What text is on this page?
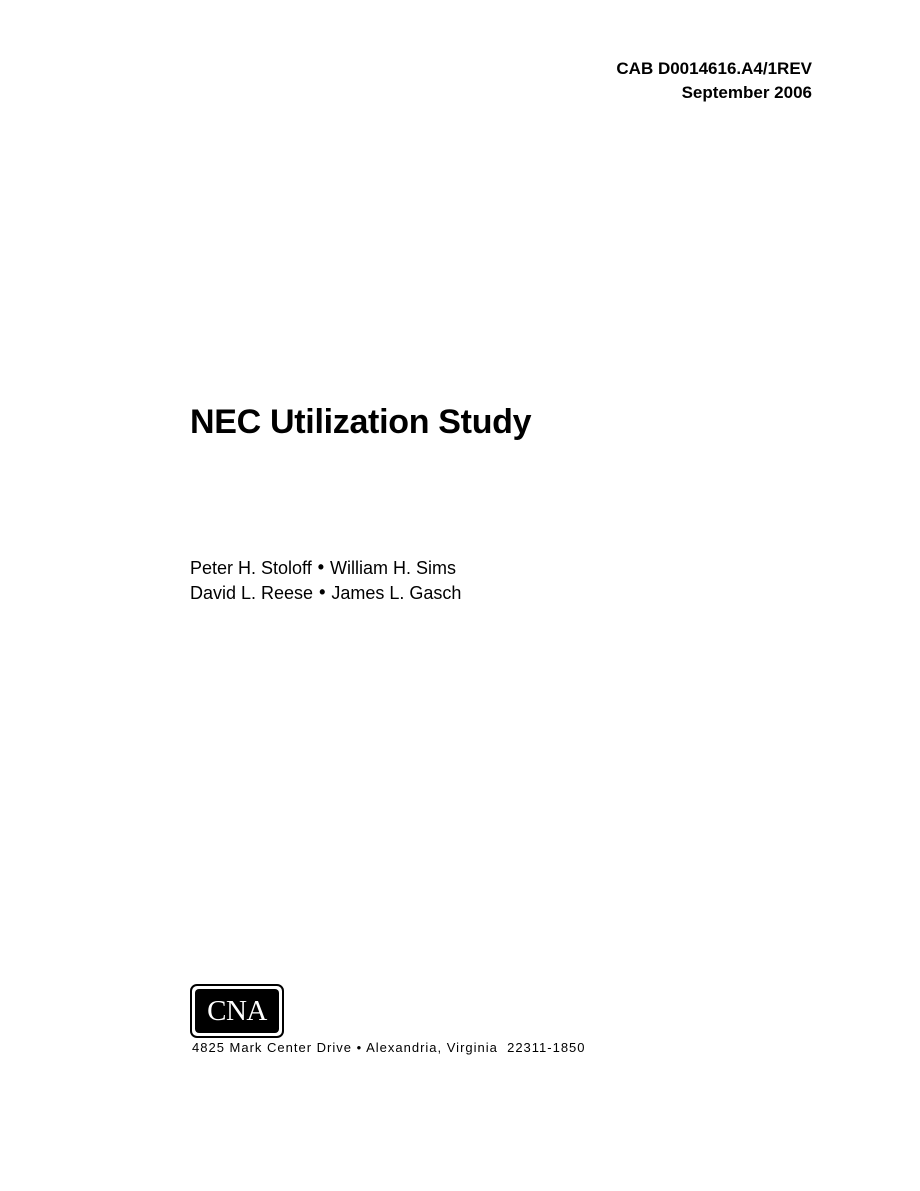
CAB D0014616.A4/1REV
September 2006
NEC Utilization Study
Peter H. Stoloff • William H. Sims
David L. Reese • James L. Gasch
CNA
4825 Mark Center Drive • Alexandria, Virginia  22311-1850
